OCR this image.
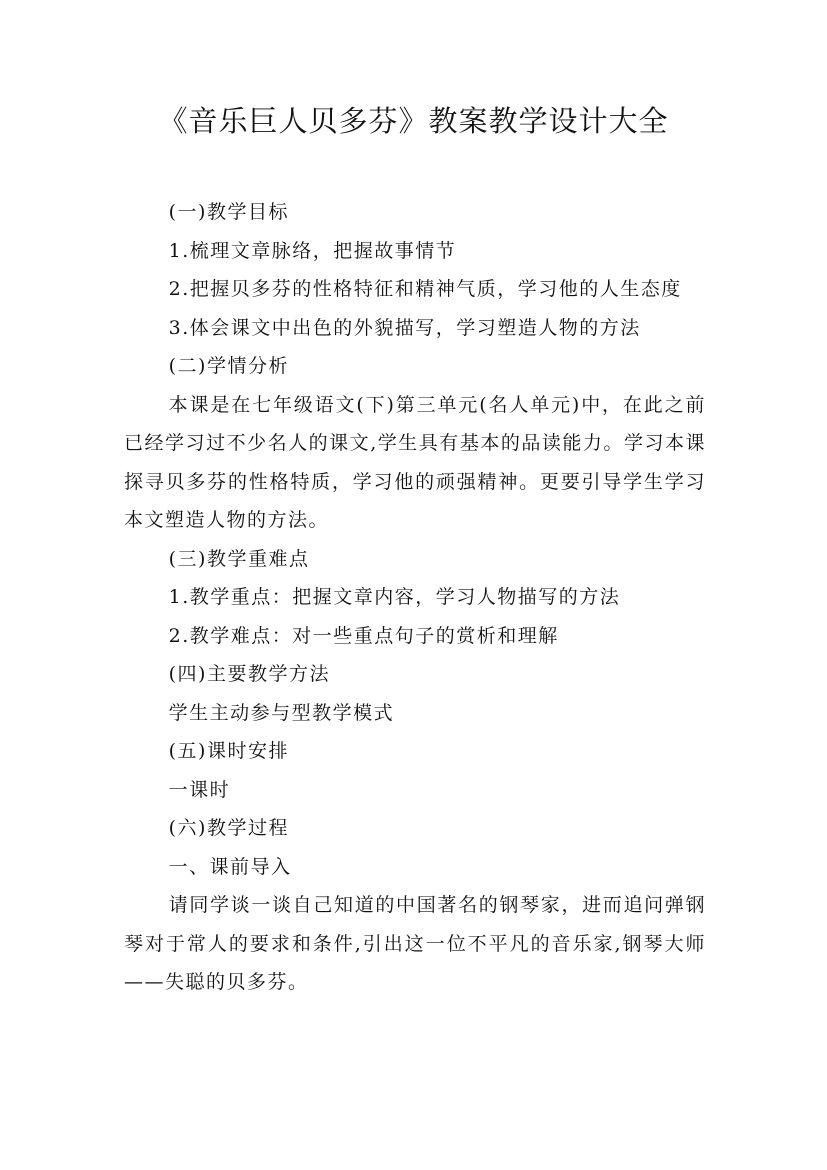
《音乐巨人贝多芬》教案教学设计大全

(一)教学目标

1.梳理文章脉络，把握故事情节

2.把握贝多芬的性格特征和精神气质，学习他的人生态度

3.体会课文中出色的外貌描写，学习塑造人物的方法

(二)学情分析

本课是在七年级语文(下)第三单元(名人单元)中，在此之前已经学习过不少名人的课文,学生具有基本的品读能力。学习本课探寻贝多芬的性格特质，学习他的顽强精神。更要引导学生学习本文塑造人物的方法。

(三)教学重难点

1.教学重点：把握文章内容，学习人物描写的方法

2.教学难点：对一些重点句子的赏析和理解

(四)主要教学方法

学生主动参与型教学模式

(五)课时安排

一课时

(六)教学过程

一、课前导入

请同学谈一谈自己知道的中国著名的钢琴家，进而追问弹钢琴对于常人的要求和条件,引出这一位不平凡的音乐家,钢琴大师——失聪的贝多芬。
